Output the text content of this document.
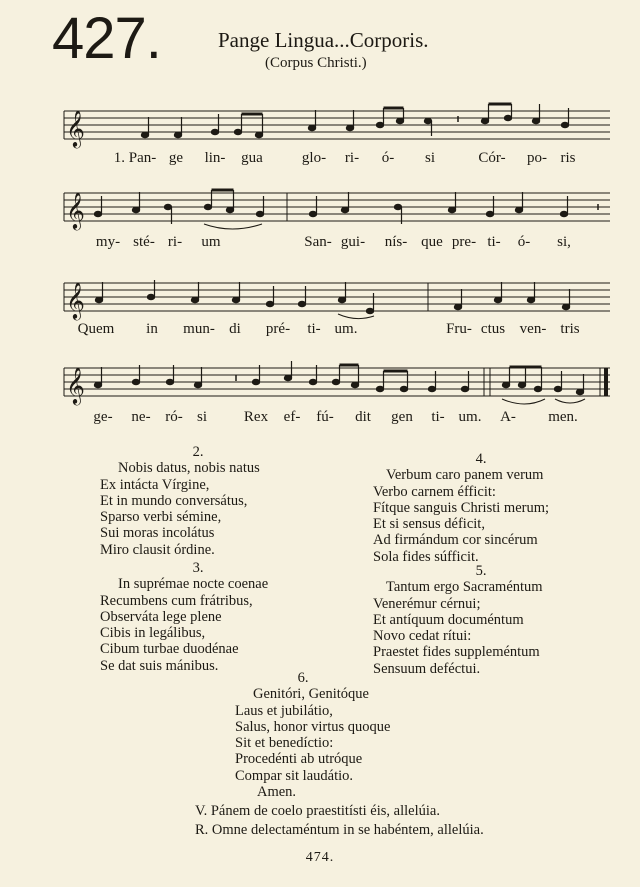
427.	Pange Lingua...Corporis.
(Corpus Christi.)
𝄞
1. Pan- ge lin- gua	glo- ri- ó- si	Cór- po- ris
𝄞
my- sté- ri- um	San- gui- nís- que pre- ti- ó- si,
𝄞
Quem in mun- di pré- ti- um.	Fru- ctus ven- tris
𝄞
ge- ne- ró- si Rex ef- fú- dit gen ti- um. A- men.
2.
Nobis datus, nobis natus
Ex intácta Vírgine,
Et in mundo conversátus,
Sparso verbi sémine,
Sui moras incolátus
Miro clausit órdine.
4.
Verbum caro panem verum
Verbo carnem éfficit:
Fítque sanguis Christi merum;
Et si sensus déficit,
Ad firmándum cor sincérum
Sola fides súfficit.
3.
In suprémae nocte coenae
Recumbens cum frátribus,
Observáta lege plene
Cibis in legálibus,
Cibum turbae duodénae
Se dat suis mánibus.
5.
Tantum ergo Sacraméntum
Venerémur cérnui;
Et antíquum documéntum
Novo cedat rítui:
Praestet fides suppleméntum
Sensuum deféctui.
6.
Genitóri, Genitóque
Laus et jubilátio,
Salus, honor virtus quoque
Sit et benedíctio:
Procedénti ab utróque
Compar sit laudátio.
Amen.
V. Pánem de coelo praestitísti éis, allelúia.
R. Omne delectaméntum in se habéntem, allelúia.
474.
